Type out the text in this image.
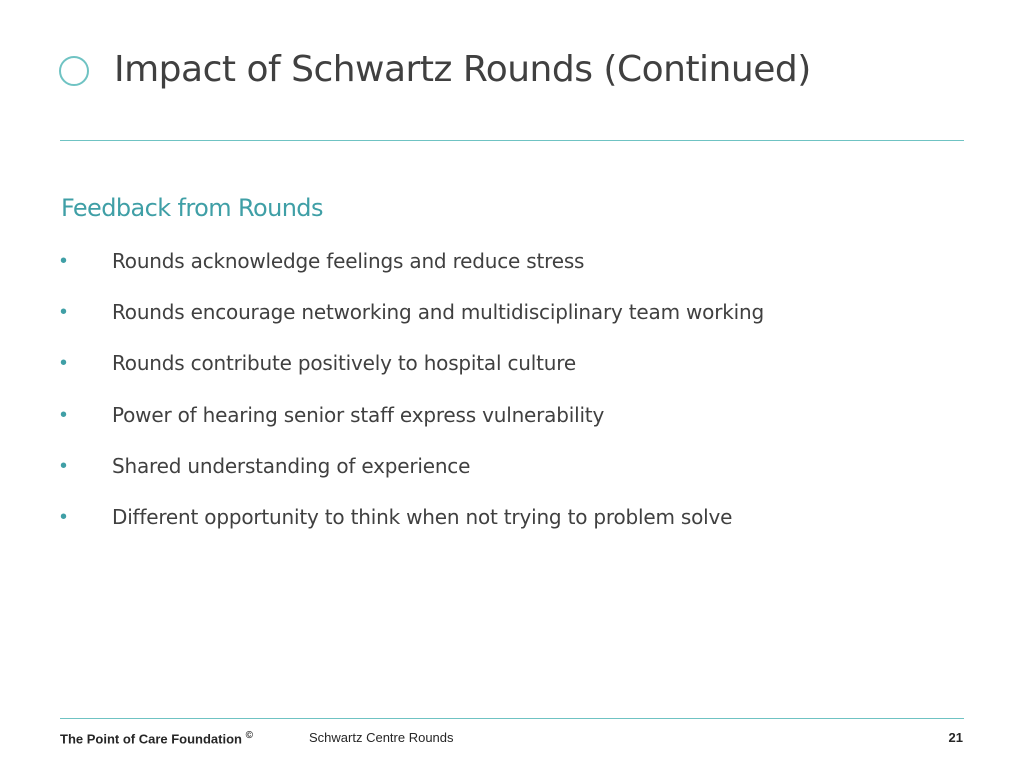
Impact of Schwartz Rounds (Continued)
Feedback from Rounds
•	Rounds acknowledge feelings and reduce stress
•	Rounds encourage networking and multidisciplinary team working
•	Rounds contribute positively to hospital culture
•	Power of hearing senior staff express vulnerability
•	Shared understanding of experience
•	Different opportunity to think when not trying to problem solve
The Point of Care Foundation ©	Schwartz Centre Rounds	21
